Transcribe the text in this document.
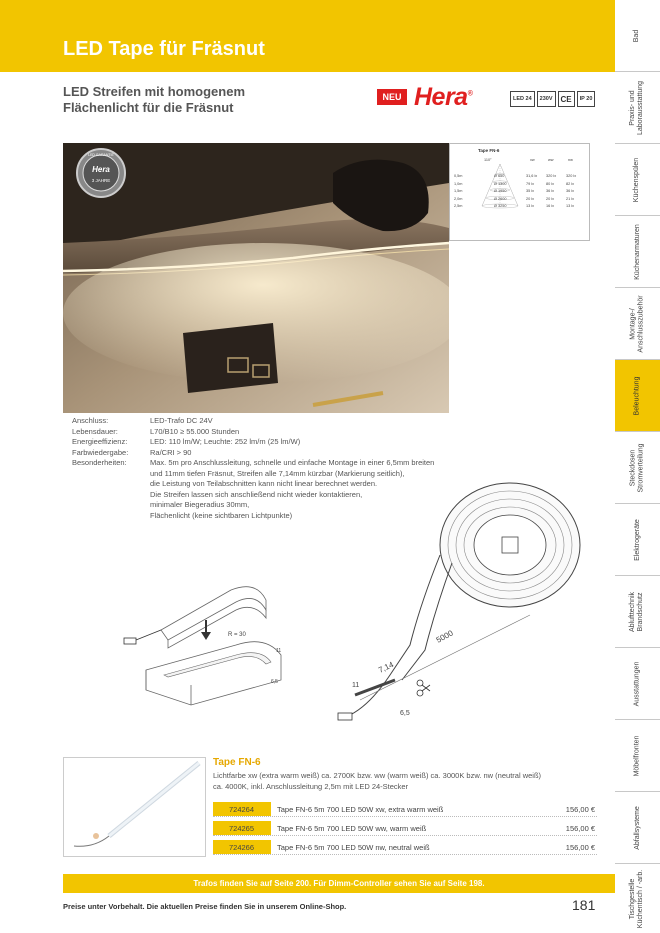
LED Tape für Fräsnut
Bad
Praxis- und
Laborausstattung
Küchenspülen
Küchenarmaturen
Montage-/
Anschlusszubehör
Beleuchtung
Steckdosen
Stromverteilung
Elektrogeräte
Ablufttechnik
Brandschutz
Ausstattungen
Möbelfronten
Abfallsysteme
Tischgestelle
Küchentisch / -arb.
LED Streifen mit homogenem
Flächenlicht für die Fräsnut
NEU Hera®
LED 24	230V	CE	IP 20
Hera
3 JAHRE
LED GARANTIE
Tape FN-6
110°	xw	ww	nw
0,5m	Ø 650	31,6 lx 320 lx	320 lx
1,0m	Ø 1300	79 lx	80 lx	82 lx
1,5m	Ø 1950	35 lx	36 lx	36 lx
2,0m	Ø 2600	20 lx	20 lx	21 lx
2,5m	Ø 3250	13 lx	16 lx	13 lx
Anschluss:	LED-Trafo DC 24V
Lebensdauer:	L70/B10 ≥ 55.000 Stunden
Energieeffizienz:	LED: 110 lm/W; Leuchte: 252 lm/m (25 lm/W)
Farbwiedergabe:	Ra/CRI > 90
Besonderheiten:	Max. 5m pro Anschlussleitung, schnelle und einfache Montage in einer 6,5mm breiten
und 11mm tiefen Fräsnut, Streifen alle 7,14mm kürzbar (Markierung seitlich),
die Leistung von Teilabschnitten kann nicht linear berechnet werden.
Die Streifen lassen sich anschließend nicht wieder kontaktieren,
minimaler Biegeradius 30mm,
Flächenlicht (keine sichtbaren Lichtpunkte)
R = 30
11
6,5
5000
7,14
11
6,5
Tape FN-6
Lichtfarbe xw (extra warm weiß) ca. 2700K bzw. ww (warm weiß) ca. 3000K bzw. nw (neutral weiß)
ca. 4000K, inkl. Anschlussleitung 2,5m mit LED 24-Stecker
724264	Tape FN-6 5m 700 LED 50W xw, extra warm weiß	156,00 €
724265	Tape FN-6 5m 700 LED 50W ww, warm weiß	156,00 €
724266	Tape FN-6 5m 700 LED 50W nw, neutral weiß	156,00 €
Trafos finden Sie auf Seite 200. Für Dimm-Controller sehen Sie auf Seite 198.
Preise unter Vorbehalt. Die aktuellen Preise finden Sie in unserem Online-Shop.	181
